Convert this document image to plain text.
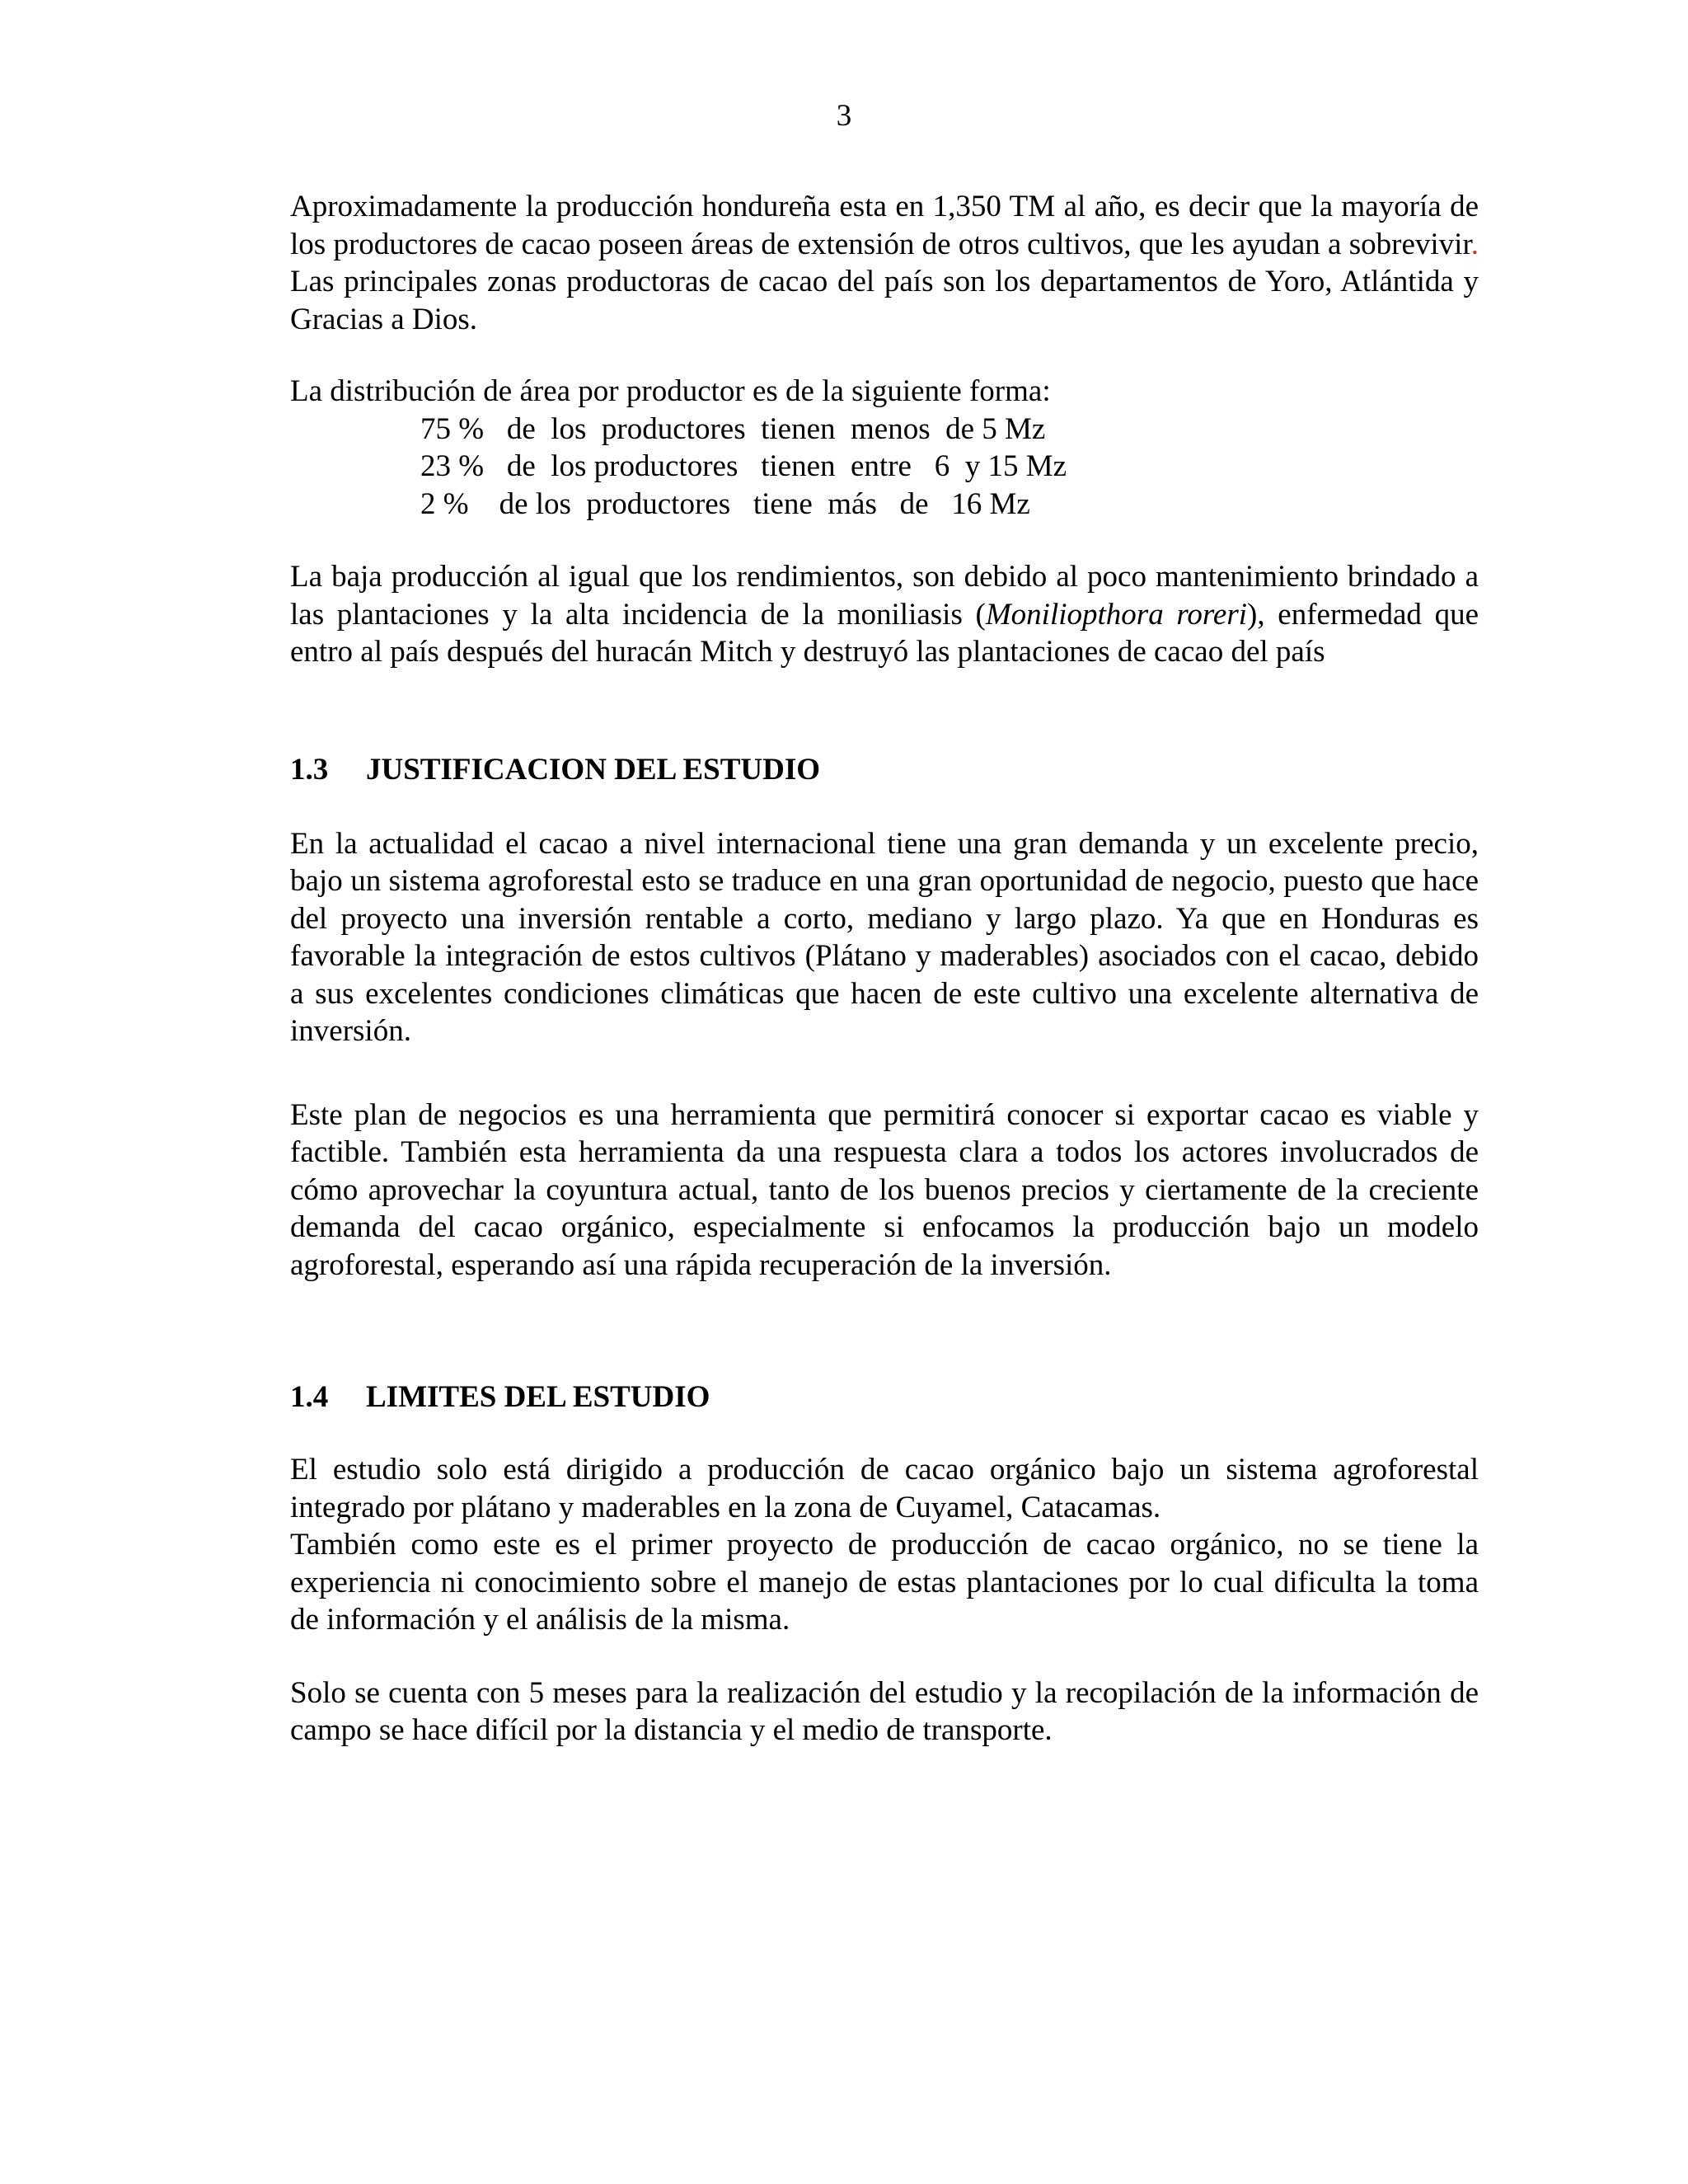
3

Aproximadamente la producción hondureña esta en 1,350 TM al año, es decir que la mayoría de los productores de cacao poseen áreas de extensión de otros cultivos, que les ayudan a sobrevivir. Las principales zonas productoras de cacao del país son los departamentos de Yoro, Atlántida y Gracias a Dios.

La distribución de área por productor es de la siguiente forma:

75 %   de  los  productores  tienen  menos  de 5 Mz
23 %   de  los productores   tienen  entre   6  y 15 Mz
2 %    de los  productores   tiene  más   de   16 Mz

La baja producción al igual que los rendimientos, son debido al poco mantenimiento brindado a las plantaciones y la alta incidencia de la moniliasis (Moniliopthora roreri), enfermedad que entro al país después del huracán Mitch y destruyó las plantaciones de cacao del país

1.3	JUSTIFICACION DEL ESTUDIO

En la actualidad el cacao a nivel internacional tiene una gran demanda y un excelente precio, bajo un sistema agroforestal esto se traduce en una gran oportunidad de negocio, puesto que hace del proyecto una inversión rentable a corto, mediano y largo plazo. Ya que en Honduras es favorable la integración de estos cultivos (Plátano y maderables) asociados con el cacao, debido a sus excelentes condiciones climáticas que hacen de este cultivo una excelente alternativa de inversión.

Este plan de negocios es una herramienta que permitirá conocer si exportar cacao es viable y factible. También esta herramienta da una respuesta clara a todos los actores involucrados de cómo aprovechar la coyuntura actual, tanto de los buenos precios y ciertamente de la creciente demanda del cacao orgánico, especialmente si enfocamos la producción bajo un modelo agroforestal, esperando así una rápida recuperación de la inversión.

1.4	LIMITES DEL ESTUDIO

El estudio solo está dirigido a producción de cacao orgánico bajo un sistema agroforestal integrado por plátano y maderables en la zona de Cuyamel, Catacamas.

También como este es el primer proyecto de producción de cacao orgánico, no se tiene la experiencia ni conocimiento sobre el manejo de estas plantaciones por lo cual dificulta la toma de información y el análisis de la misma.

Solo se cuenta con 5 meses para la realización del estudio y la recopilación de la información de campo se hace difícil por la distancia y el medio de transporte.
